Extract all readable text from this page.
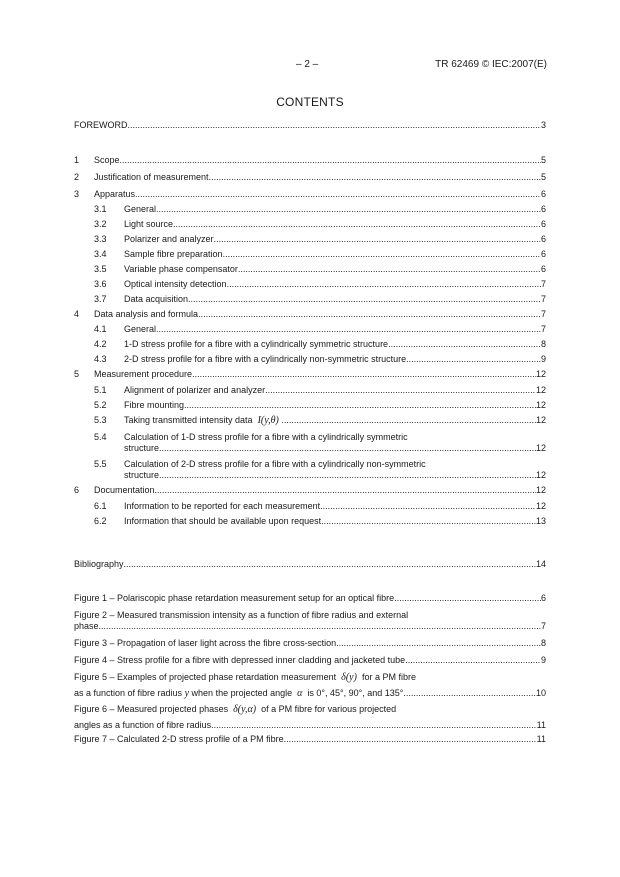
– 2 –	TR 62469 © IEC:2007(E)
CONTENTS
FOREWORD .....	3
1	Scope .....	5
2	Justification of measurement .....	5
3	Apparatus .....	6
3.1	General .....	6
3.2	Light source .....	6
3.3	Polarizer and analyzer .....	6
3.4	Sample fibre preparation .....	6
3.5	Variable phase compensator .....	6
3.6	Optical intensity detection .....	7
3.7	Data acquisition .....	7
4	Data analysis and formula .....	7
4.1	General .....	7
4.2	1-D stress profile for a fibre with a cylindrically symmetric structure .....	8
4.3	2-D stress profile for a fibre with a cylindrically non-symmetric structure .....	9
5	Measurement procedure .....	12
5.1	Alignment of polarizer and analyzer .....	12
5.2	Fibre mounting .....	12
5.3	Taking transmitted intensity data I(y,θ) .....	12
5.4 Calculation of 1-D stress profile for a fibre with a cylindrically symmetric
structure .....	12
5.5 Calculation of 2-D stress profile for a fibre with a cylindrically non-symmetric
structure .....	12
6	Documentation .....	12
6.1	Information to be reported for each measurement .....	12
6.2	Information that should be available upon request .....	13
Bibliography .....	14
Figure 1 – Polariscopic phase retardation measurement setup for an optical fibre .....	6
Figure 2 – Measured transmission intensity as a function of fibre radius and external
phase .....	7
Figure 3 – Propagation of laser light across the fibre cross-section .....	8
Figure 4 – Stress profile for a fibre with depressed inner cladding and jacketed tube .....	9
Figure 5 – Examples of projected phase retardation measurement δ(y) for a PM fibre
as a function of fibre radius y when the projected angle α is 0°, 45°, 90°, and 135° .....	10
Figure 6 – Measured projected phases δ(y,α) of a PM fibre for various projected
angles as a function of fibre radius .....	11
Figure 7 – Calculated 2-D stress profile of a PM fibre .....	11
